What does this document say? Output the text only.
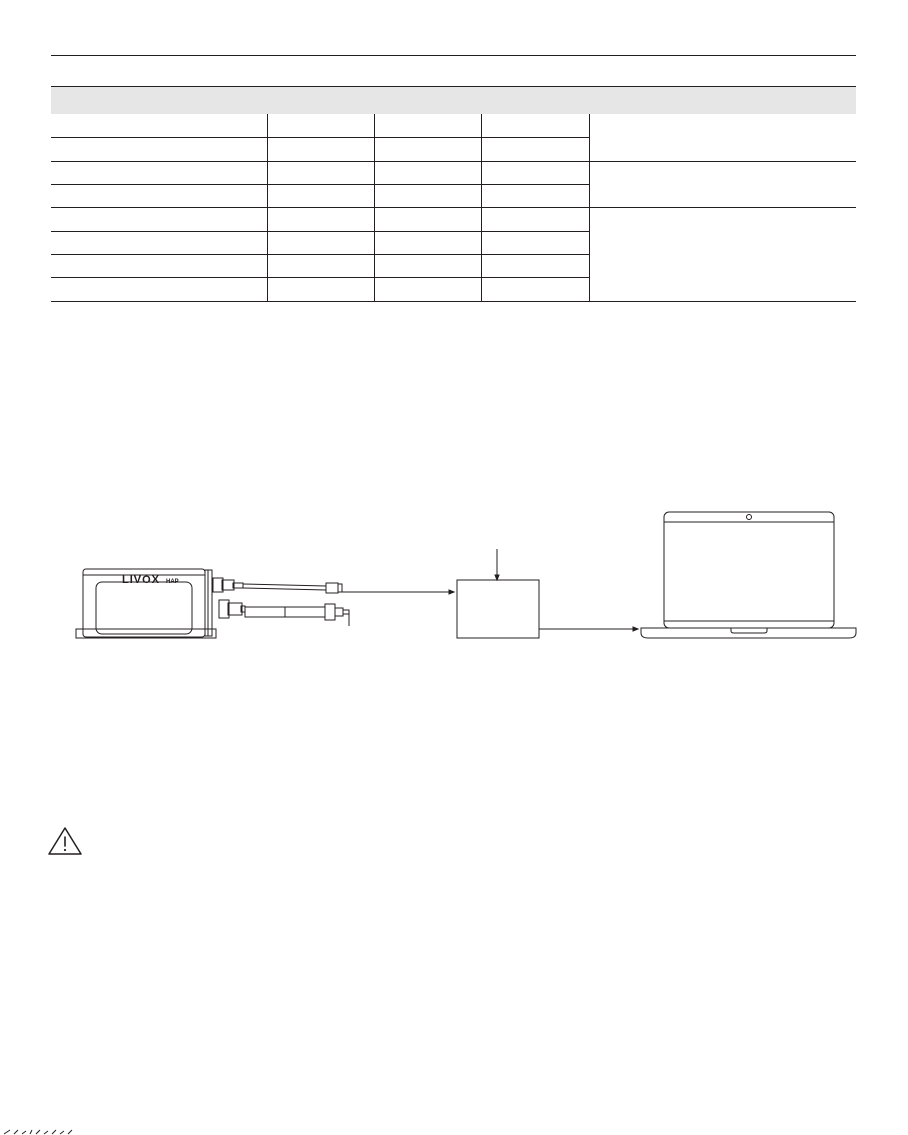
LIVOX HAP
